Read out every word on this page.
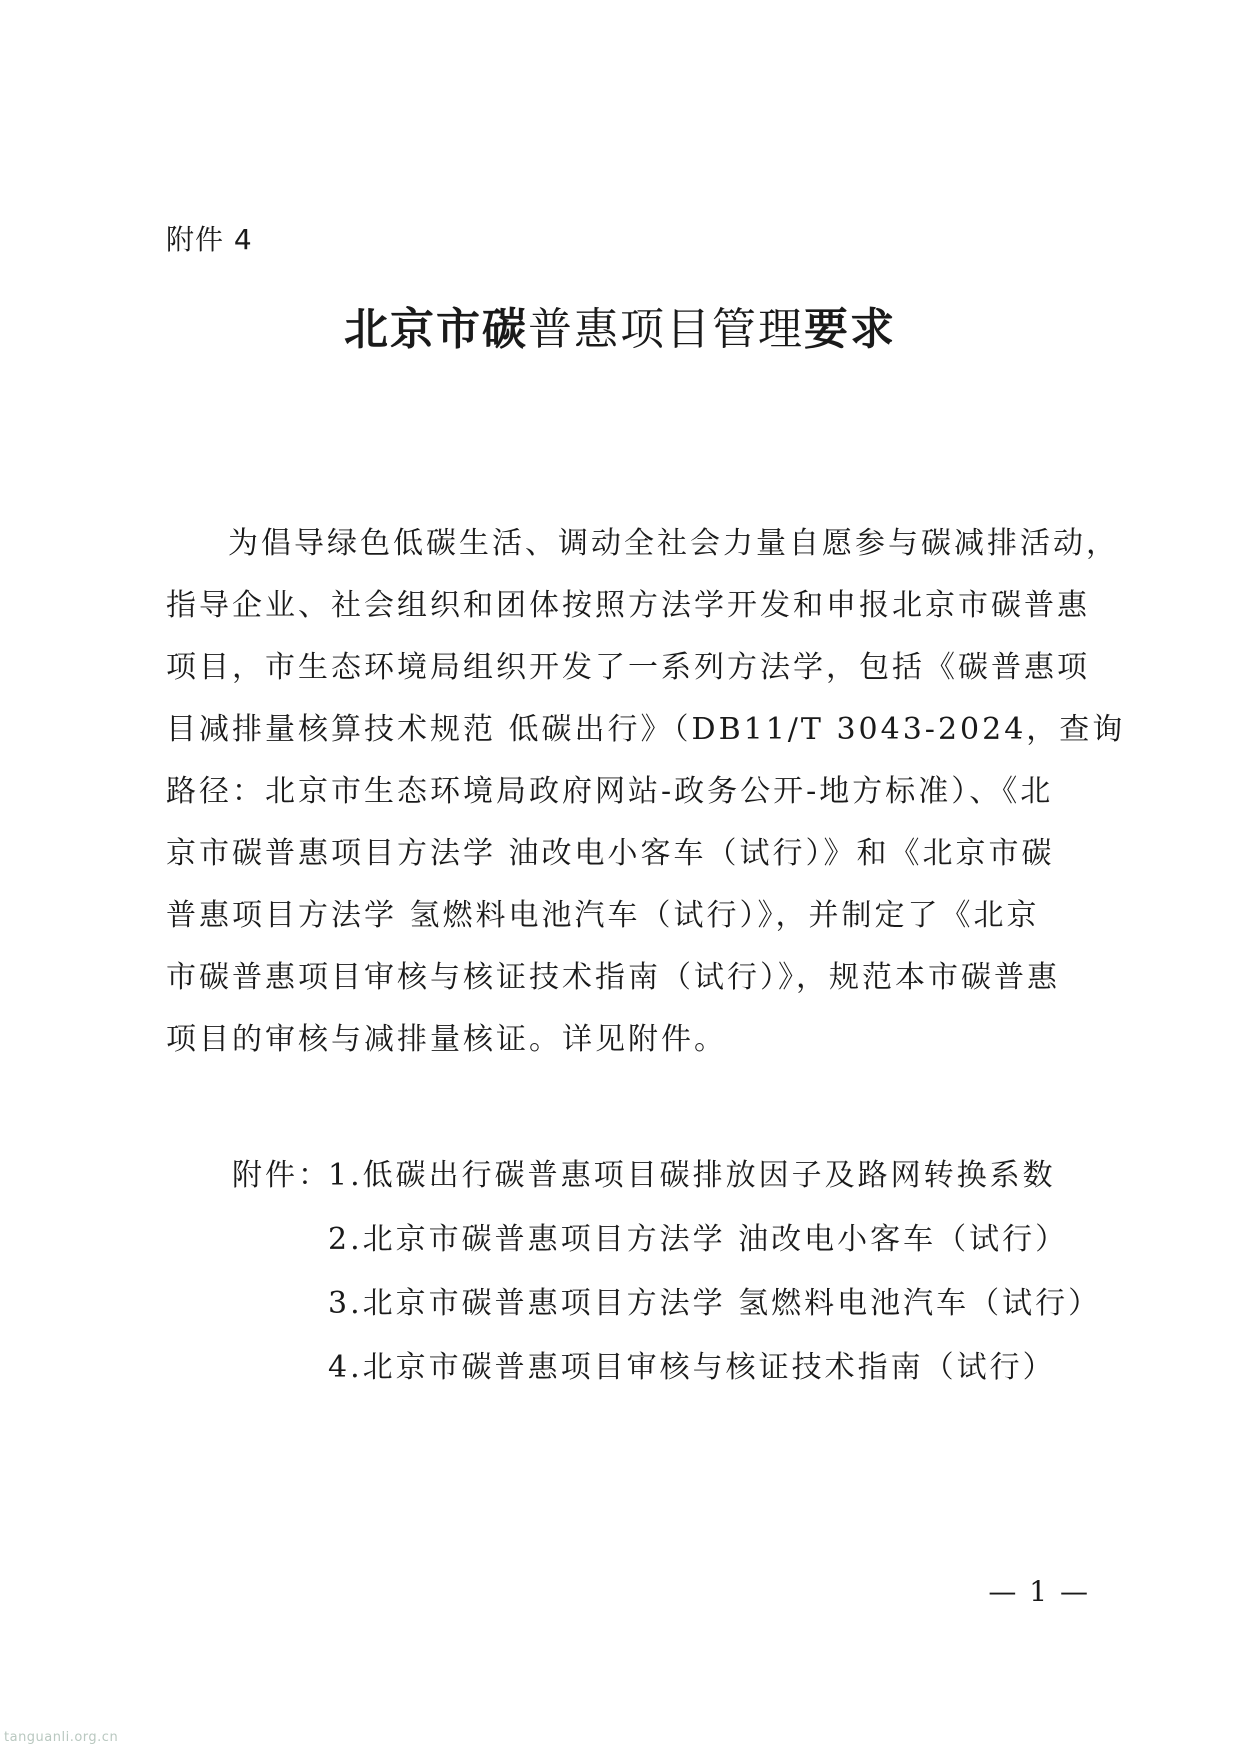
附件 4
北京市碳普惠项目管理要求
为倡导绿色低碳生活、调动全社会力量自愿参与碳减排活动，
指导企业、社会组织和团体按照方法学开发和申报北京市碳普惠
项目，市生态环境局组织开发了一系列方法学，包括《碳普惠项
目减排量核算技术规范 低碳出行》（DB11/T 3043-2024，查询
路径：北京市生态环境局政府网站-政务公开-地方标准）、《北
京市碳普惠项目方法学 油改电小客车（试行）》和《北京市碳
普惠项目方法学 氢燃料电池汽车（试行）》，并制定了《北京
市碳普惠项目审核与核证技术指南（试行）》，规范本市碳普惠
项目的审核与减排量核证。详见附件。
附件：
1.低碳出行碳普惠项目碳排放因子及路网转换系数
2.北京市碳普惠项目方法学 油改电小客车（试行）
3.北京市碳普惠项目方法学 氢燃料电池汽车（试行）
4.北京市碳普惠项目审核与核证技术指南（试行）
— 1 —
tanguanli.org.cn
